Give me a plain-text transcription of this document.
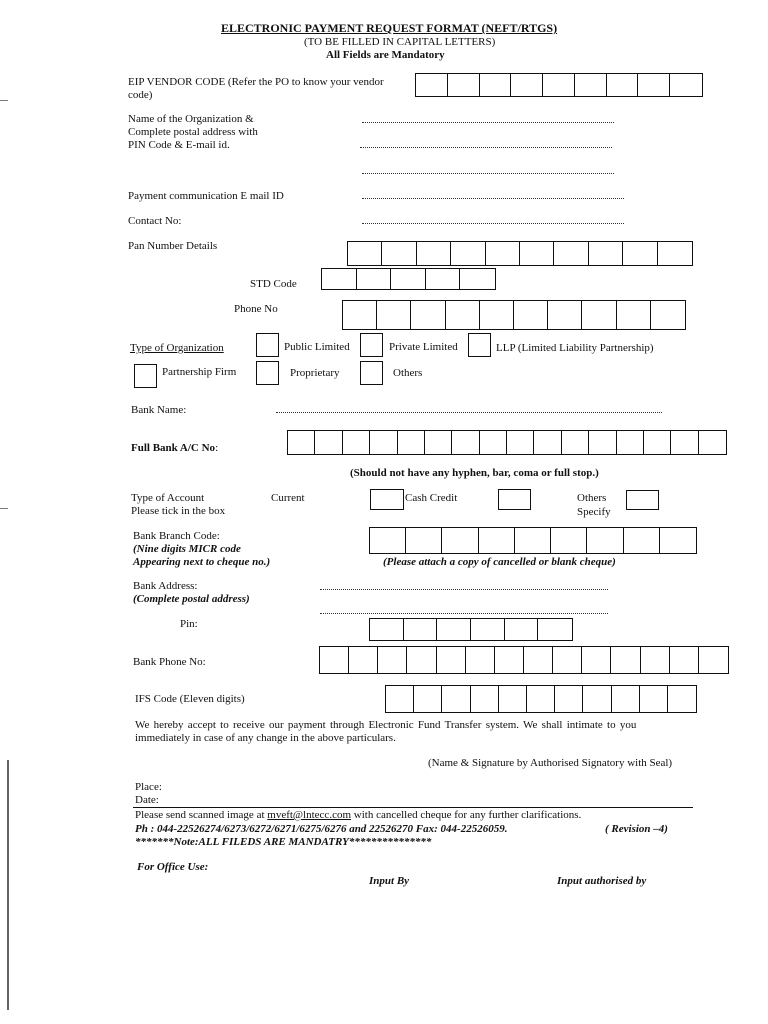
ELECTRONIC PAYMENT REQUEST FORMAT (NEFT/RTGS)
(TO BE FILLED IN CAPITAL LETTERS)
All Fields are Mandatory
EIP VENDOR CODE (Refer the PO to know your vendor
code)
Name of the Organization &
Complete postal address with
PIN Code & E-mail id.
Payment communication E mail ID
Contact No:
Pan Number Details
STD Code
Phone No
Type of Organization	Public Limited	Private Limited	LLP (Limited Liability Partnership)
Partnership Firm	Proprietary	Others
Bank Name:
Full Bank A/C No:
(Should not have any hyphen, bar, coma or full stop.)
Type of Account
Please tick in the box
Current	Cash Credit	Others
Specify
Bank Branch Code:
(Nine digits MICR code
Appearing next to cheque no.)	(Please attach a copy of cancelled or blank cheque)
Bank Address:
(Complete postal address)
Pin:
Bank Phone No:
IFS Code (Eleven digits)
We hereby accept to receive our payment through Electronic Fund Transfer system. We shall intimate to you
immediately in case of any change in the above particulars.
(Name & Signature by Authorised Signatory with Seal)
Place:
Date:
Please send scanned image at mveft@lntecc.com with cancelled cheque for any further clarifications.
Ph : 044-22526274/6273/6272/6271/6275/6276 and 22526270 Fax: 044-22526059.	( Revision –4)
*******Note:ALL FILEDS ARE MANDATRY***************
For Office Use:
Input By	Input authorised by
